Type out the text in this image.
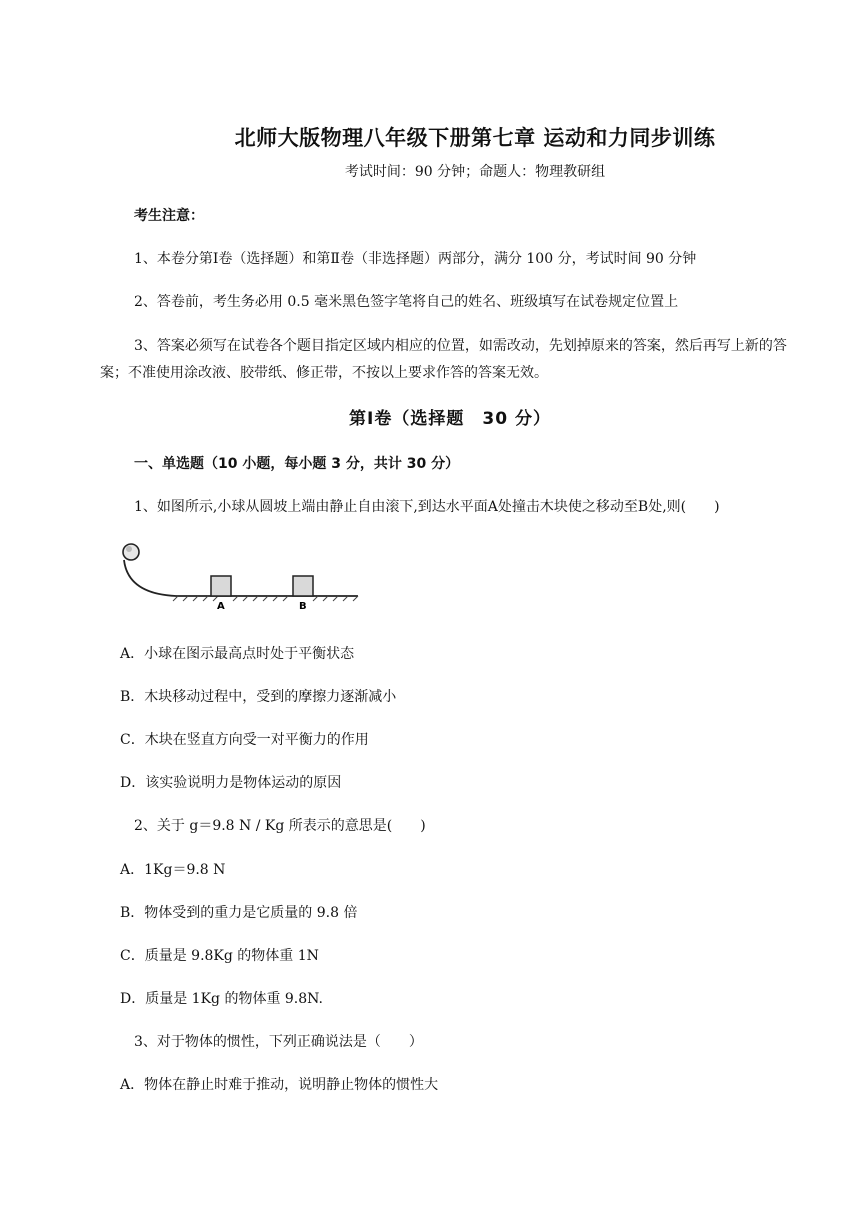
北师大版物理八年级下册第七章 运动和力同步训练
考试时间：90 分钟；命题人：物理教研组
考生注意：
1、本卷分第Ⅰ卷（选择题）和第Ⅱ卷（非选择题）两部分，满分 100 分，考试时间 90 分钟
2、答卷前，考生务必用 0.5 毫米黑色签字笔将自己的姓名、班级填写在试卷规定位置上
3、答案必须写在试卷各个题目指定区域内相应的位置，如需改动，先划掉原来的答案，然后再写上新的答案；不准使用涂改液、胶带纸、修正带，不按以上要求作答的答案无效。
第Ⅰ卷（选择题　30 分）
一、单选题（10 小题，每小题 3 分，共计 30 分）
1、如图所示,小球从圆坡上端由静止自由滚下,到达水平面A处撞击木块使之移动至B处,则(　　)
A	B
A．小球在图示最高点时处于平衡状态
B．木块移动过程中，受到的摩擦力逐渐减小
C．木块在竖直方向受一对平衡力的作用
D．该实验说明力是物体运动的原因
2、关于 g＝9.8 N / Kg 所表示的意思是(　　)
A．1Kg＝9.8 N
B．物体受到的重力是它质量的 9.8 倍
C．质量是 9.8Kg 的物体重 1N
D．质量是 1Kg 的物体重 9.8N.
3、对于物体的惯性，下列正确说法是（　　）
A．物体在静止时难于推动，说明静止物体的惯性大
